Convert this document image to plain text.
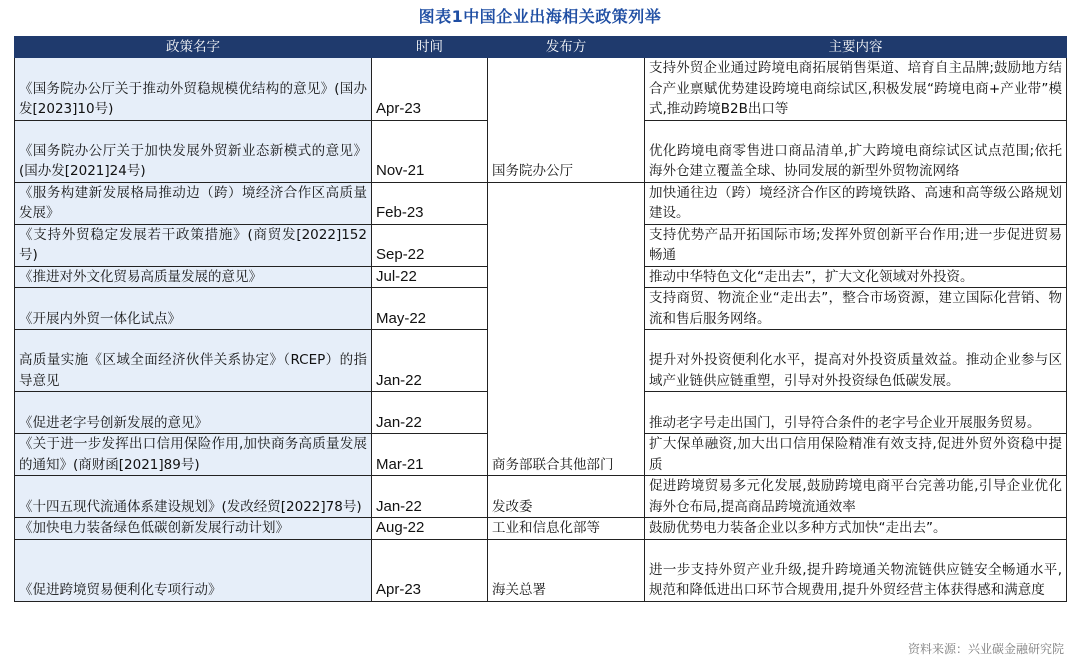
图表1中国企业出海相关政策列举
政策名字	时间	发布方	主要内容
《国务院办公厅关于推动外贸稳规模优结构的意见》(国办发[2023]10号)	Apr-23	国务院办公厅	支持外贸企业通过跨境电商拓展销售渠道、培育自主品牌;鼓励地方结合产业禀赋优势建设跨境电商综试区,积极发展“跨境电商+产业带”模式,推动跨境B2B出口等
《国务院办公厅关于加快发展外贸新业态新模式的意见》(国办发[2021]24号)	Nov-21		优化跨境电商零售进口商品清单,扩大跨境电商综试区试点范围;依托海外仓建立覆盖全球、协同发展的新型外贸物流网络
《服务构建新发展格局推动边（跨）境经济合作区高质量发展》	Feb-23	商务部联合其他部门	加快通往边（跨）境经济合作区的跨境铁路、高速和高等级公路规划建设。
《支持外贸稳定发展若干政策措施》(商贸发[2022]152号)	Sep-22		支持优势产品开拓国际市场;发挥外贸创新平台作用;进一步促进贸易畅通
《推进对外文化贸易高质量发展的意见》	Jul-22		推动中华特色文化“走出去”，扩大文化领域对外投资。
《开展内外贸一体化试点》	May-22		支持商贸、物流企业“走出去”，整合市场资源，建立国际化营销、物流和售后服务网络。
高质量实施《区域全面经济伙伴关系协定》（RCEP）的指导意见	Jan-22		提升对外投资便利化水平，提高对外投资质量效益。推动企业参与区域产业链供应链重塑，引导对外投资绿色低碳发展。
《促进老字号创新发展的意见》	Jan-22		推动老字号走出国门，引导符合条件的老字号企业开展服务贸易。
《关于进一步发挥出口信用保险作用,加快商务高质量发展的通知》(商财函[2021]89号)	Mar-21		扩大保单融资,加大出口信用保险精准有效支持,促进外贸外资稳中提质
《十四五现代流通体系建设规划》(发改经贸[2022]78号)	Jan-22	发改委	促进跨境贸易多元化发展,鼓励跨境电商平台完善功能,引导企业优化海外仓布局,提高商品跨境流通效率
《加快电力装备绿色低碳创新发展行动计划》	Aug-22	工业和信息化部等	鼓励优势电力装备企业以多种方式加快“走出去”。
《促进跨境贸易便利化专项行动》	Apr-23	海关总署	进一步支持外贸产业升级,提升跨境通关物流链供应链安全畅通水平,规范和降低进出口环节合规费用,提升外贸经营主体获得感和满意度
资料来源：兴业碳金融研究院
